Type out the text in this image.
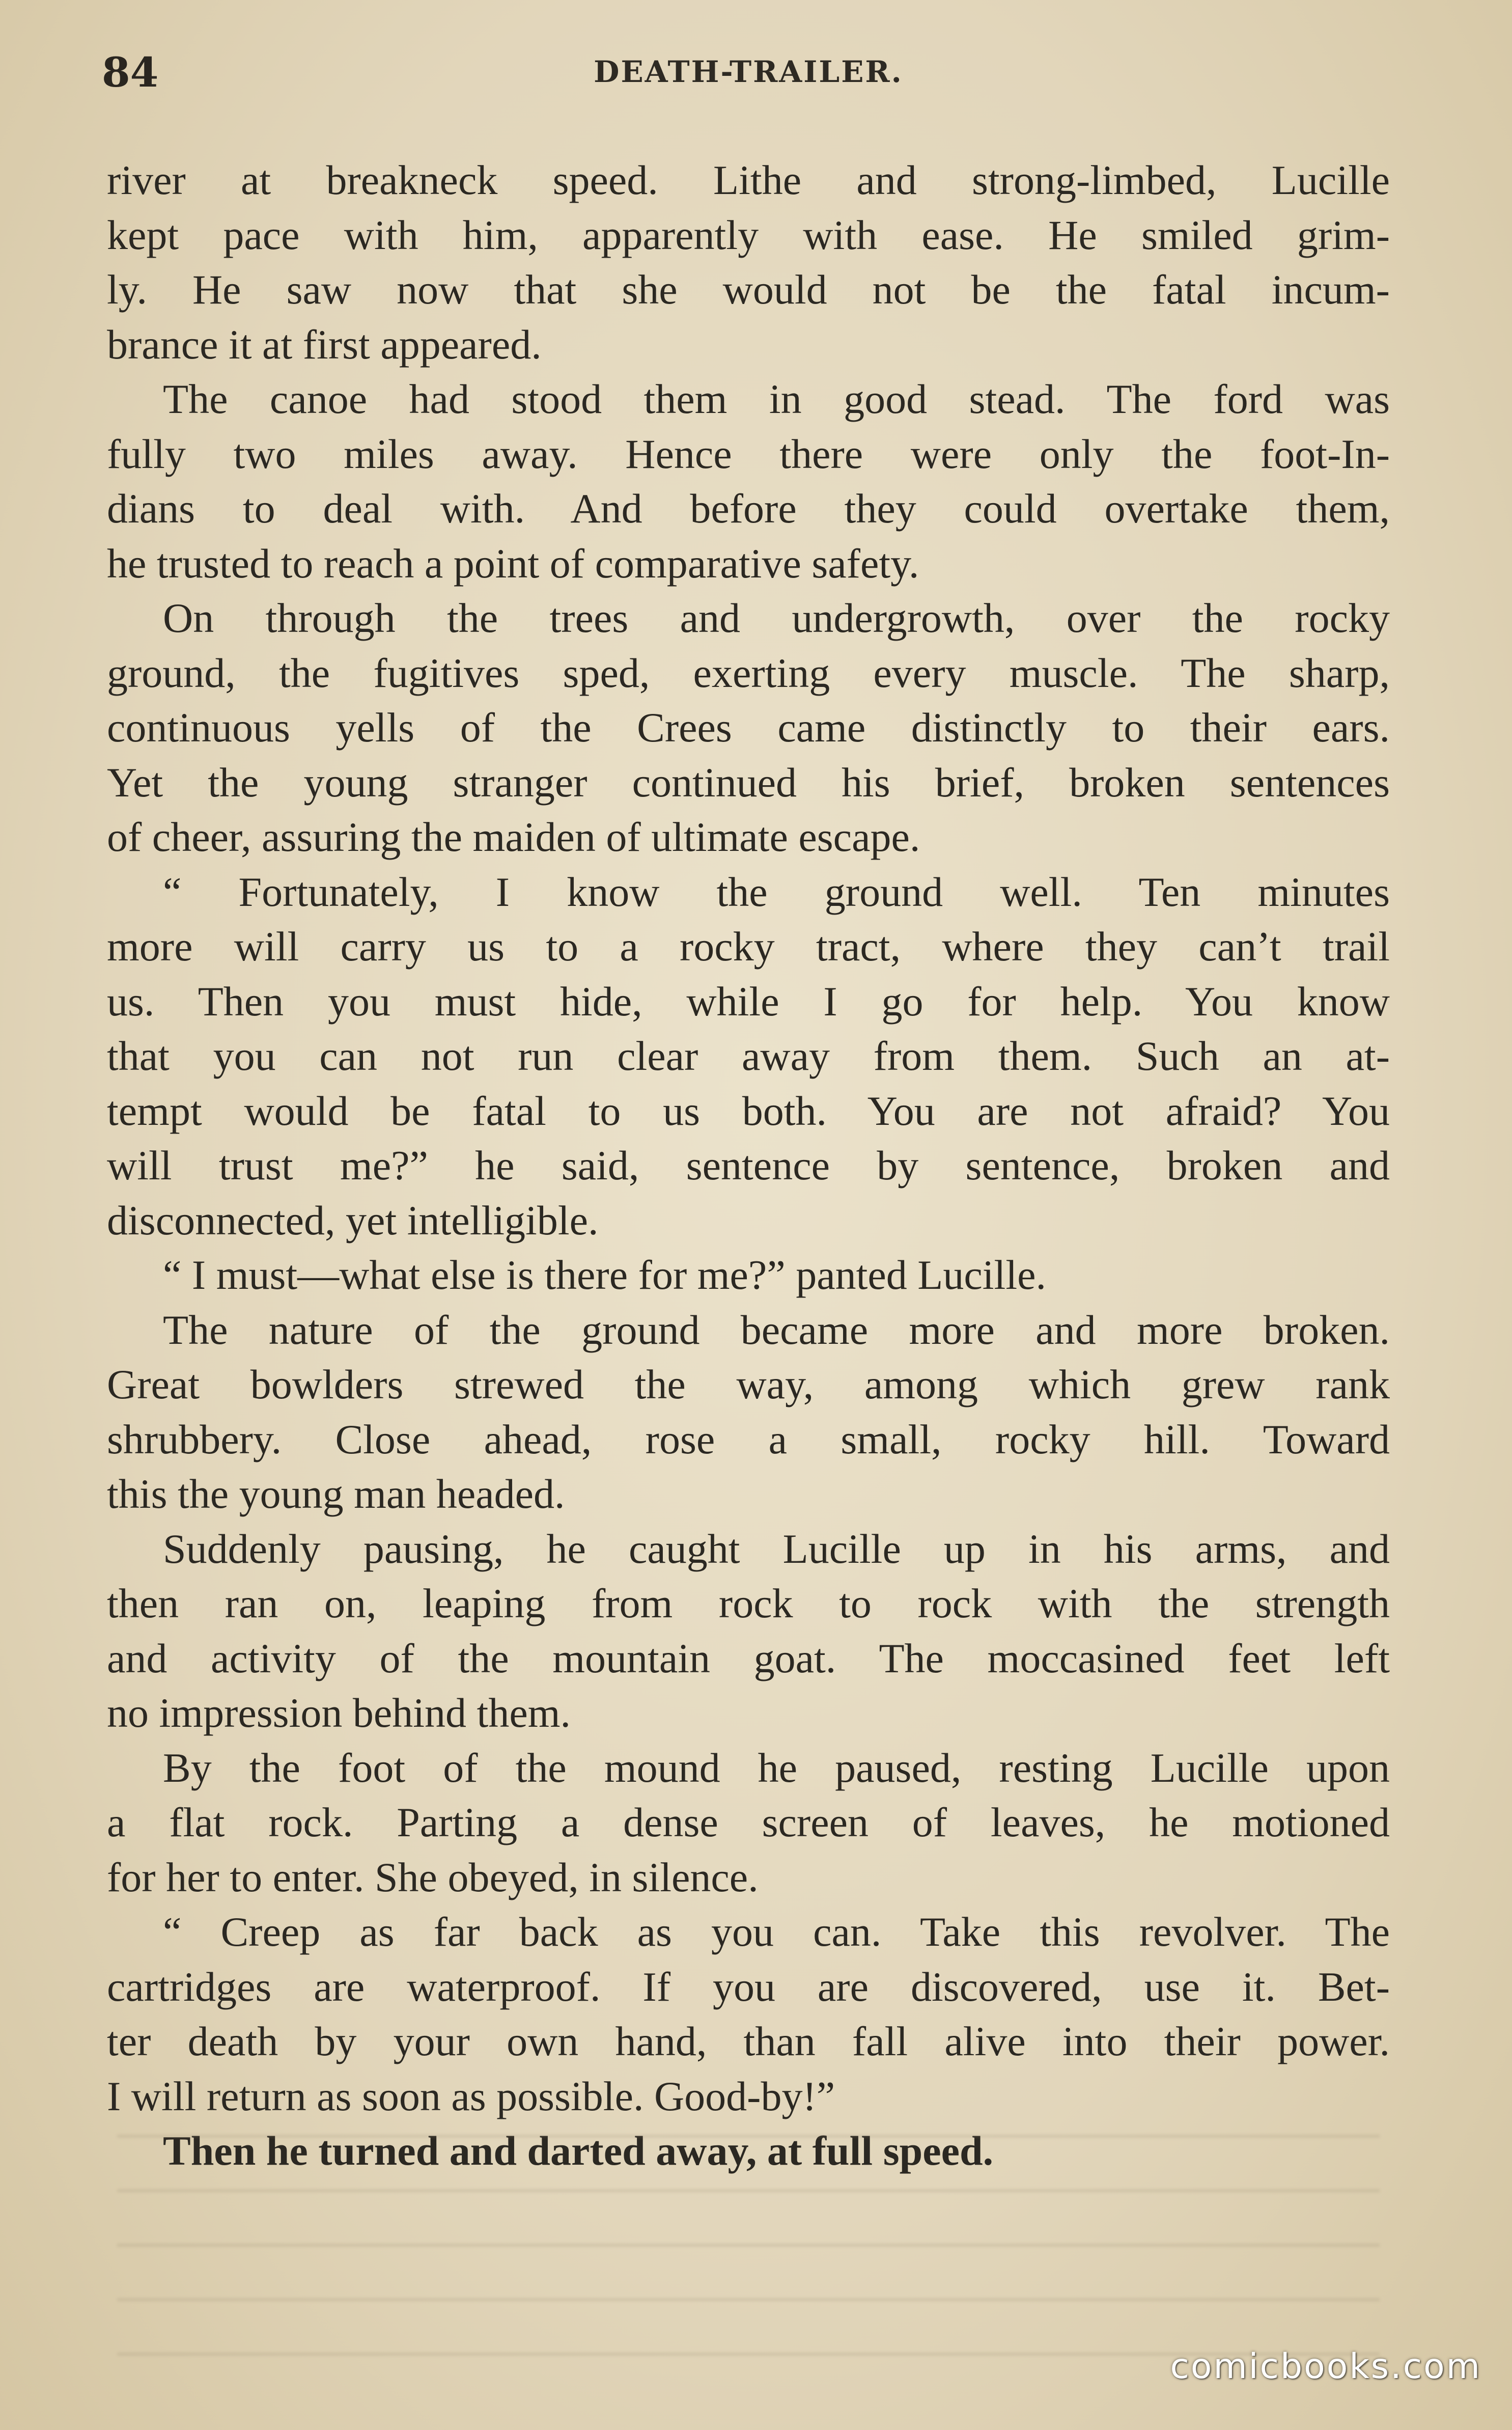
84	DEATH-TRAILER.
river at breakneck speed. Lithe and strong-limbed, Lucille
kept pace with him, apparently with ease. He smiled grim-
ly. He saw now that she would not be the fatal incum-
brance it at first appeared.
The canoe had stood them in good stead. The ford was
fully two miles away. Hence there were only the foot-In-
dians to deal with. And before they could overtake them,
he trusted to reach a point of comparative safety.
On through the trees and undergrowth, over the rocky
ground, the fugitives sped, exerting every muscle. The sharp,
continuous yells of the Crees came distinctly to their ears.
Yet the young stranger continued his brief, broken sentences
of cheer, assuring the maiden of ultimate escape.
“ Fortunately, I know the ground well. Ten minutes
more will carry us to a rocky tract, where they can’t trail
us. Then you must hide, while I go for help. You know
that you can not run clear away from them. Such an at-
tempt would be fatal to us both. You are not afraid? You
will trust me?” he said, sentence by sentence, broken and
disconnected, yet intelligible.
“ I must—what else is there for me?” panted Lucille.
The nature of the ground became more and more broken.
Great bowlders strewed the way, among which grew rank
shrubbery. Close ahead, rose a small, rocky hill. Toward
this the young man headed.
Suddenly pausing, he caught Lucille up in his arms, and
then ran on, leaping from rock to rock with the strength
and activity of the mountain goat. The moccasined feet left
no impression behind them.
By the foot of the mound he paused, resting Lucille upon
a flat rock. Parting a dense screen of leaves, he motioned
for her to enter. She obeyed, in silence.
“ Creep as far back as you can. Take this revolver. The
cartridges are waterproof. If you are discovered, use it. Bet-
ter death by your own hand, than fall alive into their power.
I will return as soon as possible. Good-by!”
Then he turned and darted away, at full speed.
comicbooks.com
